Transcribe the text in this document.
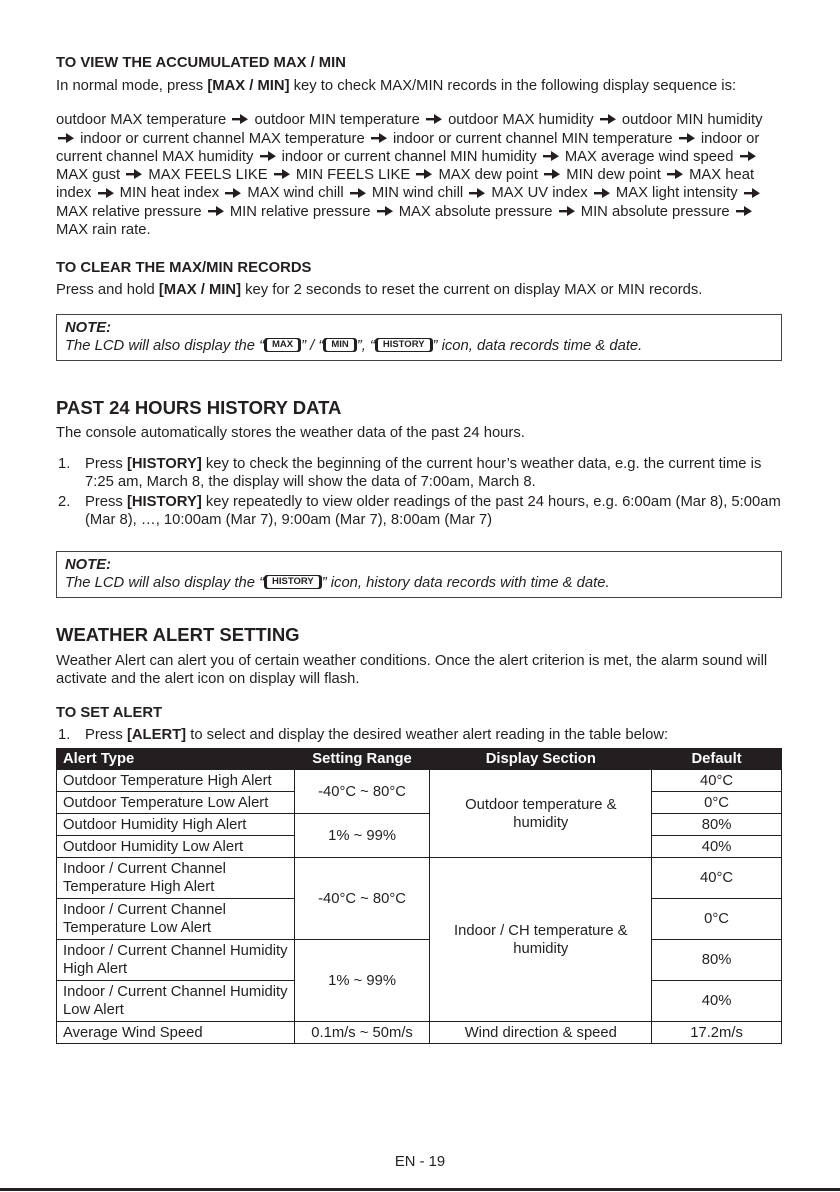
TO VIEW THE ACCUMULATED MAX / MIN
In normal mode, press [MAX / MIN] key to check MAX/MIN records in the following display sequence is:
outdoor MAX temperature outdoor MIN temperature outdoor MAX humidity outdoor MIN humidity  indoor or current channel MAX temperature indoor or current channel MIN temperature indoor or current channel MAX humidity indoor or current channel MIN humidity MAX average wind speed  MAX gust MAX FEELS LIKE MIN FEELS LIKE MAX dew point MIN dew point MAX heat index MIN heat index MAX wind chill MIN wind chill MAX UV index MAX light intensity  MAX relative pressure MIN relative pressure MAX absolute pressure MIN absolute pressure  MAX rain rate.
TO CLEAR THE MAX/MIN RECORDS
Press and hold [MAX / MIN] key for 2 seconds to reset the current on display MAX or MIN records.
NOTE:
The LCD will also display the “ MAX ” / “ MIN ”, “ HISTORY ” icon, data records time & date.
PAST 24 HOURS HISTORY DATA
The console automatically stores the weather data of the past 24 hours.
1. Press [HISTORY] key to check the beginning of the current hour’s weather data, e.g. the current time is 7:25 am, March 8, the display will show the data of 7:00am, March 8.
2. Press [HISTORY] key repeatedly to view older readings of the past 24 hours, e.g. 6:00am (Mar 8), 5:00am (Mar 8), …, 10:00am (Mar 7), 9:00am (Mar 7), 8:00am (Mar 7)
NOTE:
The LCD will also display the “ HISTORY ” icon, history data records with time & date.
WEATHER ALERT SETTING
Weather Alert can alert you of certain weather conditions. Once the alert criterion is met, the alarm sound will activate and the alert icon on display will flash.
TO SET ALERT
1. Press [ALERT] to select and display the desired weather alert reading in the table below:
Alert Type	Setting Range	Display Section	Default
Outdoor Temperature High Alert	-40°C ~ 80°C	Outdoor temperature & humidity	40°C
Outdoor Temperature Low Alert			0°C
Outdoor Humidity High Alert	1% ~ 99%		80%
Outdoor Humidity Low Alert			40%
Indoor / Current Channel Temperature High Alert	-40°C ~ 80°C	Indoor / CH temperature & humidity	40°C
Indoor / Current Channel Temperature Low Alert			0°C
Indoor / Current Channel Humidity High Alert	1% ~ 99%		80%
Indoor / Current Channel Humidity Low Alert			40%
Average Wind Speed	0.1m/s ~ 50m/s	Wind direction & speed	17.2m/s
EN - 19
